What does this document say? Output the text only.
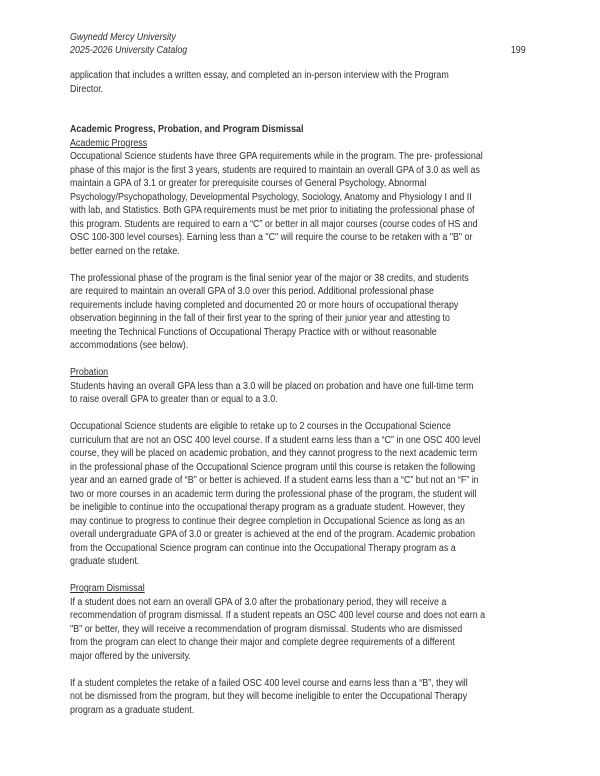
Gwynedd Mercy University
2025-2026 University Catalog	199
application that includes a written essay, and completed an in-person interview with the Program
Director.
Academic Progress, Probation, and Program Dismissal
Academic Progress
Occupational Science students have three GPA requirements while in the program. The pre- professional
phase of this major is the first 3 years, students are required to maintain an overall GPA of 3.0 as well as
maintain a GPA of 3.1 or greater for prerequisite courses of General Psychology, Abnormal
Psychology/Psychopathology, Developmental Psychology, Sociology, Anatomy and Physiology I and II
with lab, and Statistics. Both GPA requirements must be met prior to initiating the professional phase of
this program. Students are required to earn a “C” or better in all major courses (course codes of HS and
OSC 100-300 level courses). Earning less than a "C" will require the course to be retaken with a "B" or
better earned on the retake.
The professional phase of the program is the final senior year of the major or 38 credits, and students
are required to maintain an overall GPA of 3.0 over this period. Additional professional phase
requirements include having completed and documented 20 or more hours of occupational therapy
observation beginning in the fall of their first year to the spring of their junior year and attesting to
meeting the Technical Functions of Occupational Therapy Practice with or without reasonable
accommodations (see below).
Probation
Students having an overall GPA less than a 3.0 will be placed on probation and have one full-time term
to raise overall GPA to greater than or equal to a 3.0.
Occupational Science students are eligible to retake up to 2 courses in the Occupational Science
curriculum that are not an OSC 400 level course. If a student earns less than a “C” in one OSC 400 level
course, they will be placed on academic probation, and they cannot progress to the next academic term
in the professional phase of the Occupational Science program until this course is retaken the following
year and an earned grade of “B” or better is achieved. If a student earns less than a “C” but not an “F” in
two or more courses in an academic term during the professional phase of the program, the student will
be ineligible to continue into the occupational therapy program as a graduate student. However, they
may continue to progress to continue their degree completion in Occupational Science as long as an
overall undergraduate GPA of 3.0 or greater is achieved at the end of the program. Academic probation
from the Occupational Science program can continue into the Occupational Therapy program as a
graduate student.
Program Dismissal
If a student does not earn an overall GPA of 3.0 after the probationary period, they will receive a
recommendation of program dismissal. If a student repeats an OSC 400 level course and does not earn a
"B" or better, they will receive a recommendation of program dismissal. Students who are dismissed
from the program can elect to change their major and complete degree requirements of a different
major offered by the university.
If a student completes the retake of a failed OSC 400 level course and earns less than a “B”, they will
not be dismissed from the program, but they will become ineligible to enter the Occupational Therapy
program as a graduate student.
